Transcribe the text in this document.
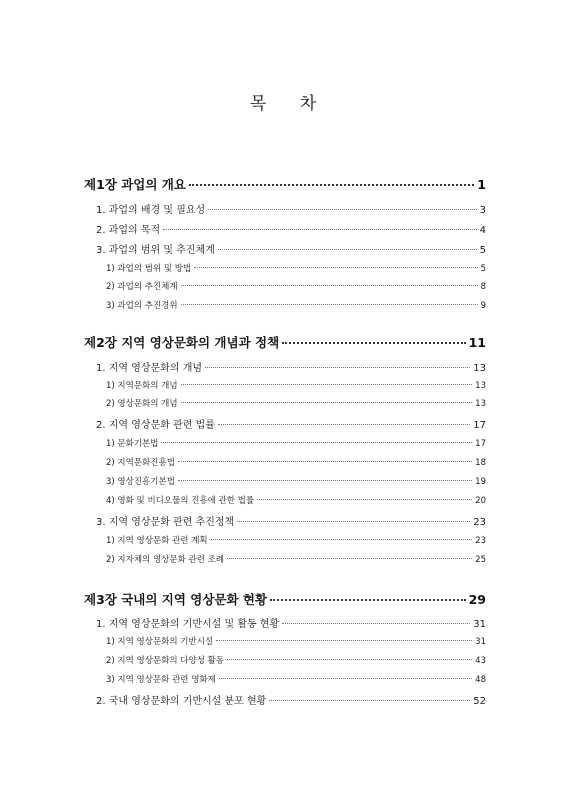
목 차
제1장 과업의 개요	1
1. 과업의 배경 및 필요성	3
2. 과업의 목적	4
3. 과업의 범위 및 추진체계	5
1) 과업의 범위 및 방법	5
2) 과업의 추진체계	8
3) 과업의 추진경위	9
제2장 지역 영상문화의 개념과 정책	11
1. 지역 영상문화의 개념	13
1) 지역문화의 개념	13
2) 영상문화의 개념	13
2. 지역 영상문화 관련 법률	17
1) 문화기본법	17
2) 지역문화진흥법	18
3) 영상진흥기본법	19
4) 영화 및 비디오물의 진흥에 관한 법률	20
3. 지역 영상문화 관련 추진정책	23
1) 지역 영상문화 관련 계획	23
2) 지자체의 영상문화 관련 조례	25
제3장 국내의 지역 영상문화 현황	29
1. 지역 영상문화의 기반시설 및 활동 현황	31
1) 지역 영상문화의 기반시설	31
2) 지역 영상문화의 다양성 활동	43
3) 지역 영상문화 관련 영화제	48
2. 국내 영상문화의 기반시설 분포 현황	52
